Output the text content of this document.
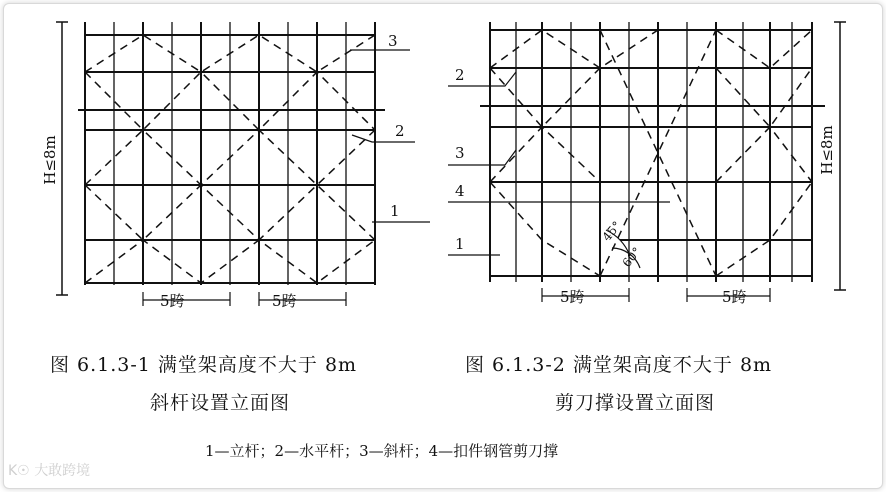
H≤8m
5跨	5跨
3
2
1
H≤8m
5跨	5跨
2
3
4
1
45°
60°
图 6.1.3-1 满堂架高度不大于 8m
斜杆设置立面图
图 6.1.3-2 满堂架高度不大于 8m
剪刀撑设置立面图
1—立杆；2—水平杆；3—斜杆；4—扣件钢管剪刀撑
K☉ 大敢跨境
